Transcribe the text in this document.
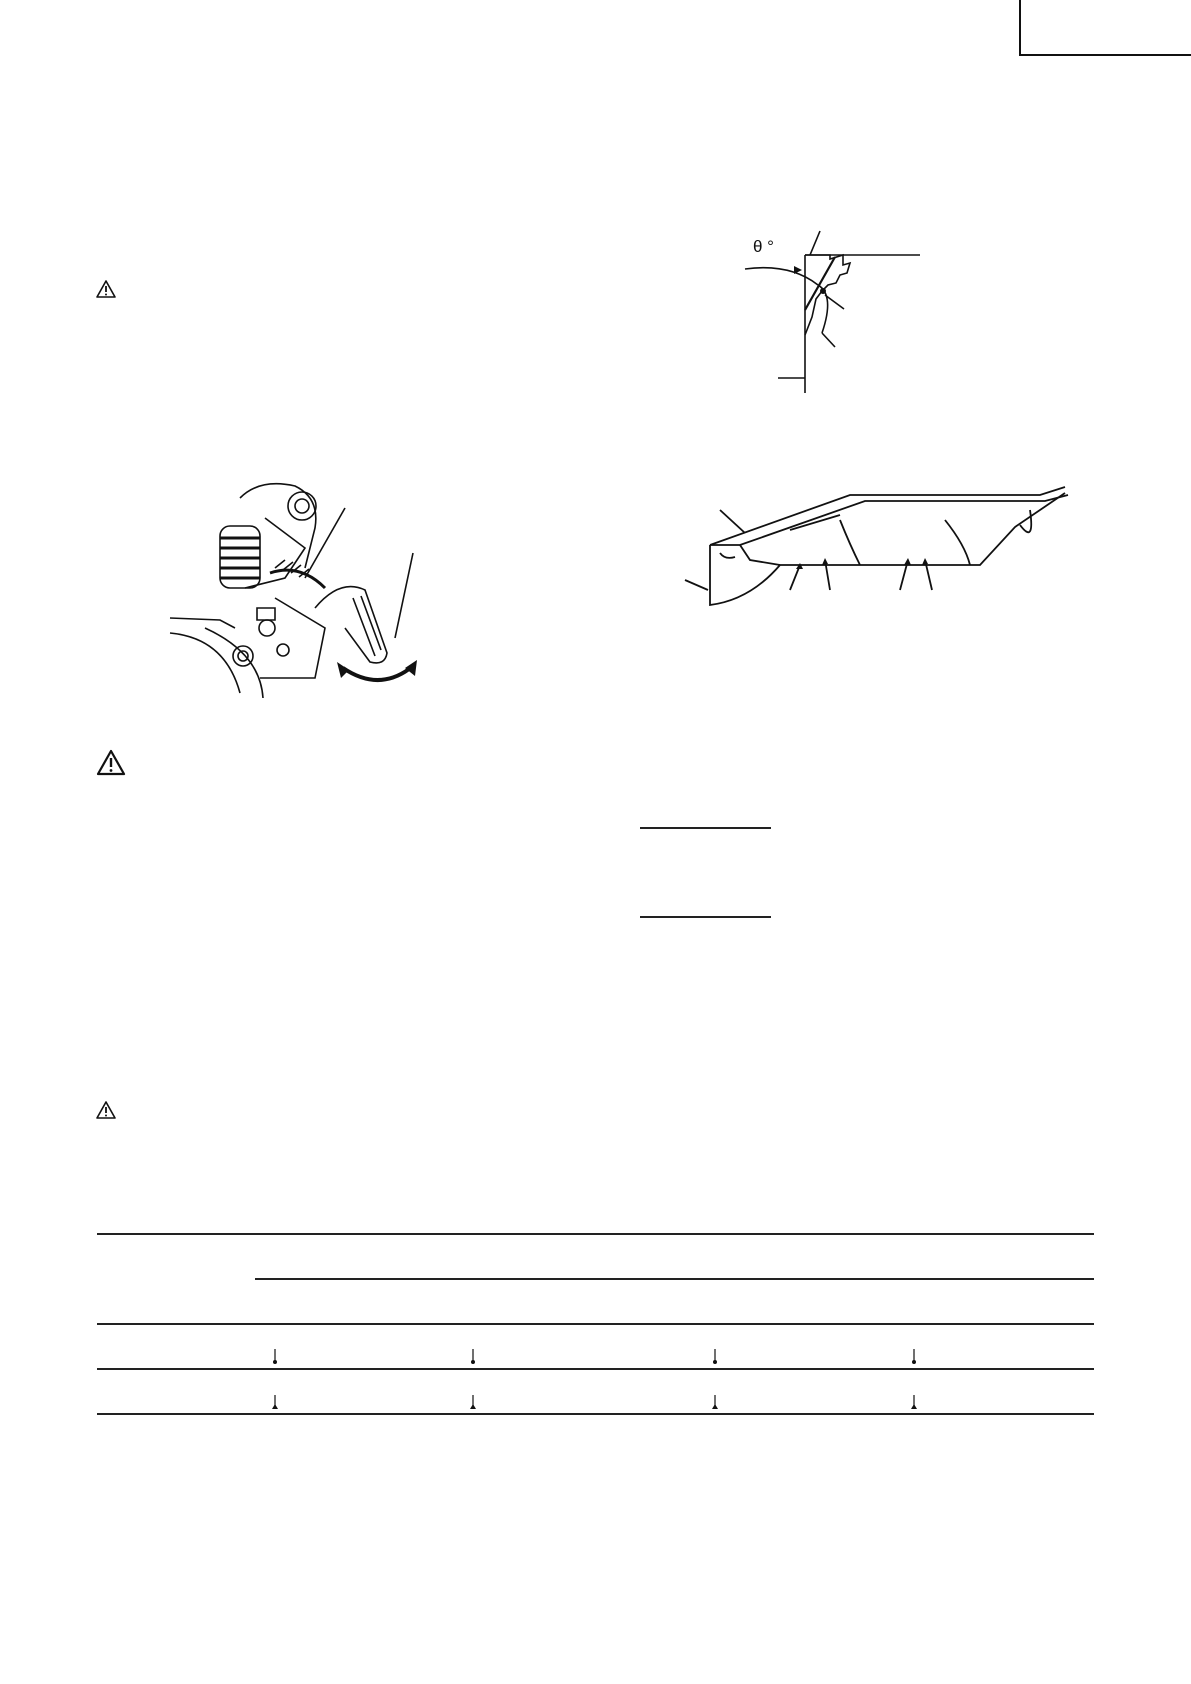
θ °
